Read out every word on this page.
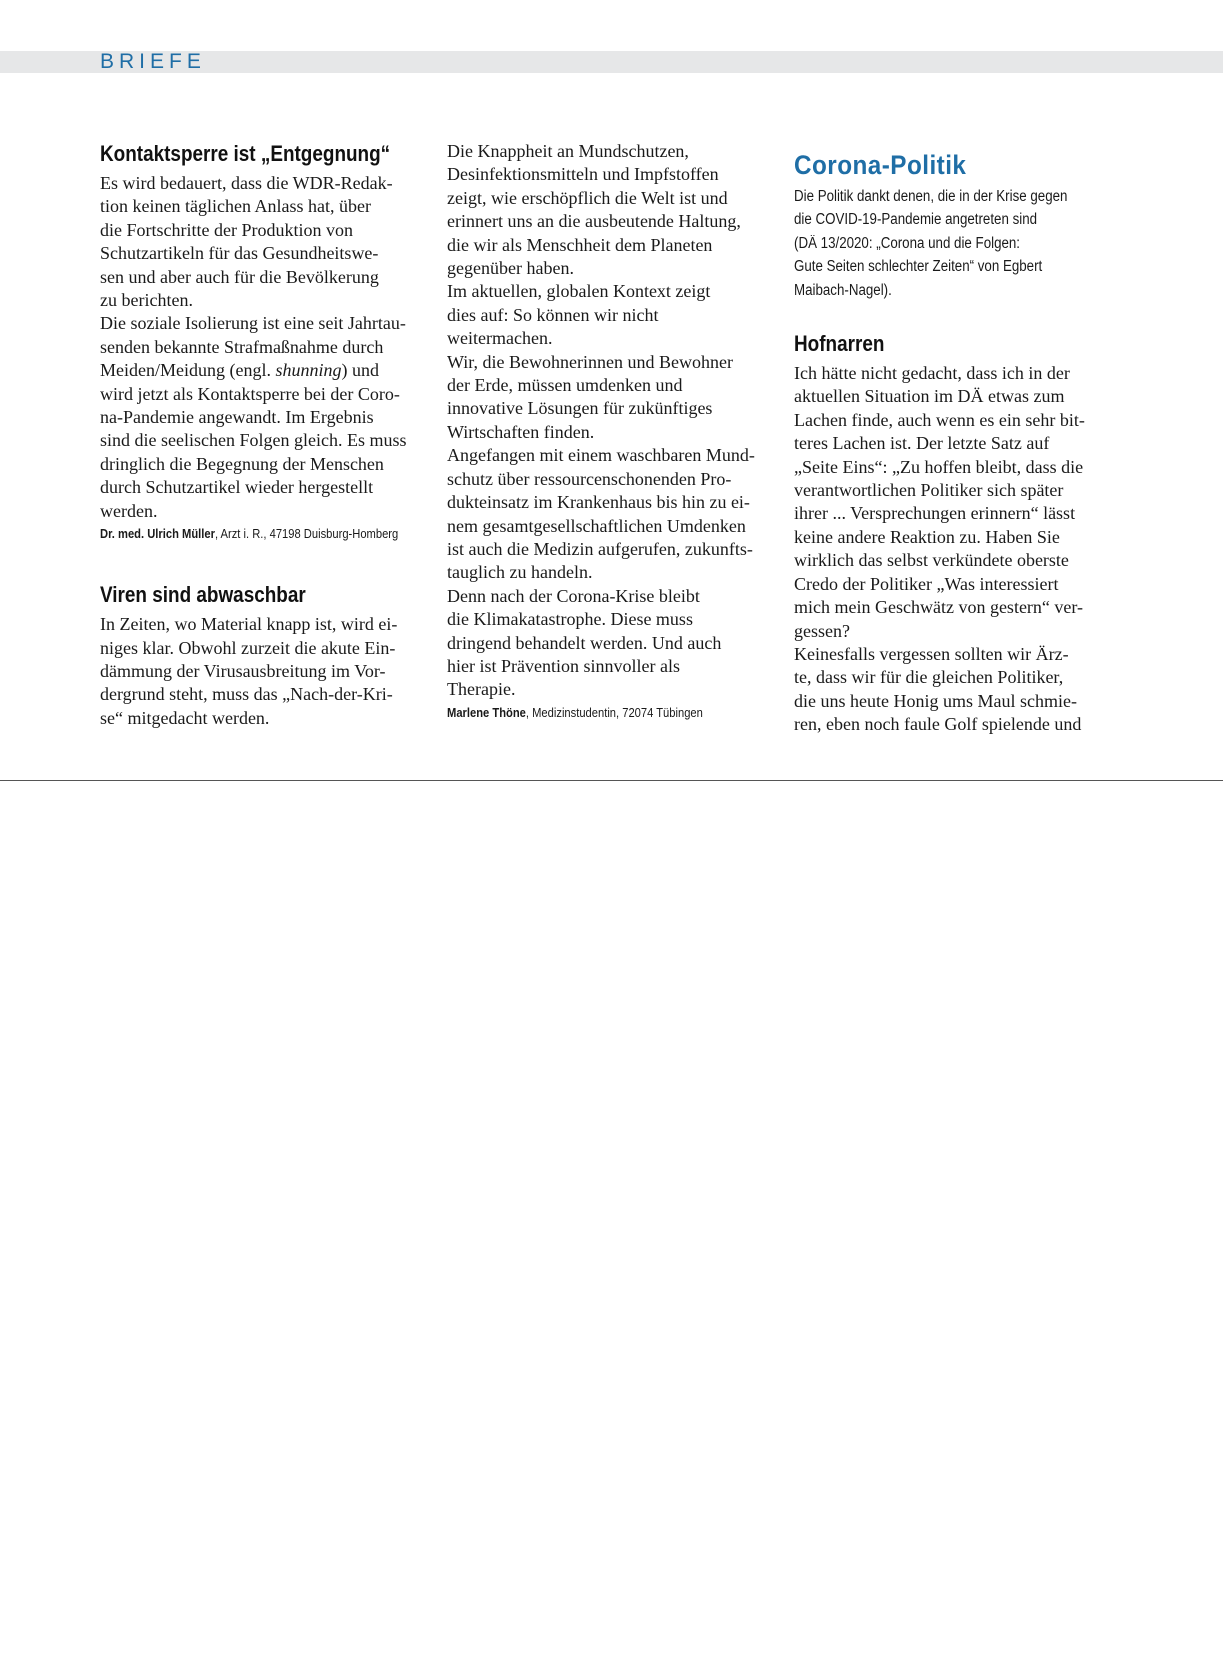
BRIEFE
Kontaktsperre ist „Entgegnung“
Es wird bedauert, dass die WDR-Redak-
tion keinen täglichen Anlass hat, über
die Fortschritte der Produktion von
Schutzartikeln für das Gesundheitswe-
sen und aber auch für die Bevölkerung
zu berichten.
Die soziale Isolierung ist eine seit Jahrtau-
senden bekannte Strafmaßnahme durch
Meiden/Meidung (engl. shunning) und
wird jetzt als Kontaktsperre bei der Coro-
na-Pandemie angewandt. Im Ergebnis
sind die seelischen Folgen gleich. Es muss
dringlich die Begegnung der Menschen
durch Schutzartikel wieder hergestellt
werden.
Dr. med. Ulrich Müller, Arzt i. R., 47198 Duisburg-Homberg
Viren sind abwaschbar
In Zeiten, wo Material knapp ist, wird ei-
niges klar. Obwohl zurzeit die akute Ein-
dämmung der Virusausbreitung im Vor-
dergrund steht, muss das „Nach-der-Kri-
se“ mitgedacht werden.
Die Knappheit an Mundschutzen,
Desinfektionsmitteln und Impfstoffen
zeigt, wie erschöpflich die Welt ist und
erinnert uns an die ausbeutende Haltung,
die wir als Menschheit dem Planeten
gegenüber haben.
Im aktuellen, globalen Kontext zeigt
dies auf: So können wir nicht
weitermachen.
Wir, die Bewohnerinnen und Bewohner
der Erde, müssen umdenken und
innovative Lösungen für zukünftiges
Wirtschaften finden.
Angefangen mit einem waschbaren Mund-
schutz über ressourcenschonenden Pro-
dukteinsatz im Krankenhaus bis hin zu ei-
nem gesamtgesellschaftlichen Umdenken
ist auch die Medizin aufgerufen, zukunfts-
tauglich zu handeln.
Denn nach der Corona-Krise bleibt
die Klimakatastrophe. Diese muss
dringend behandelt werden. Und auch
hier ist Prävention sinnvoller als
Therapie.
Marlene Thöne, Medizinstudentin, 72074 Tübingen
Corona-Politik
Die Politik dankt denen, die in der Krise gegen
die COVID-19-Pandemie angetreten sind
(DÄ 13/2020: „Corona und die Folgen:
Gute Seiten schlechter Zeiten“ von Egbert
Maibach-Nagel).
Hofnarren
Ich hätte nicht gedacht, dass ich in der
aktuellen Situation im DÄ etwas zum
Lachen finde, auch wenn es ein sehr bit-
teres Lachen ist. Der letzte Satz auf
„Seite Eins“: „Zu hoffen bleibt, dass die
verantwortlichen Politiker sich später
ihrer ... Versprechungen erinnern“ lässt
keine andere Reaktion zu. Haben Sie
wirklich das selbst verkündete oberste
Credo der Politiker „Was interessiert
mich mein Geschwätz von gestern“ ver-
gessen?
Keinesfalls vergessen sollten wir Ärz-
te, dass wir für die gleichen Politiker,
die uns heute Honig ums Maul schmie-
ren, eben noch faule Golf spielende und
